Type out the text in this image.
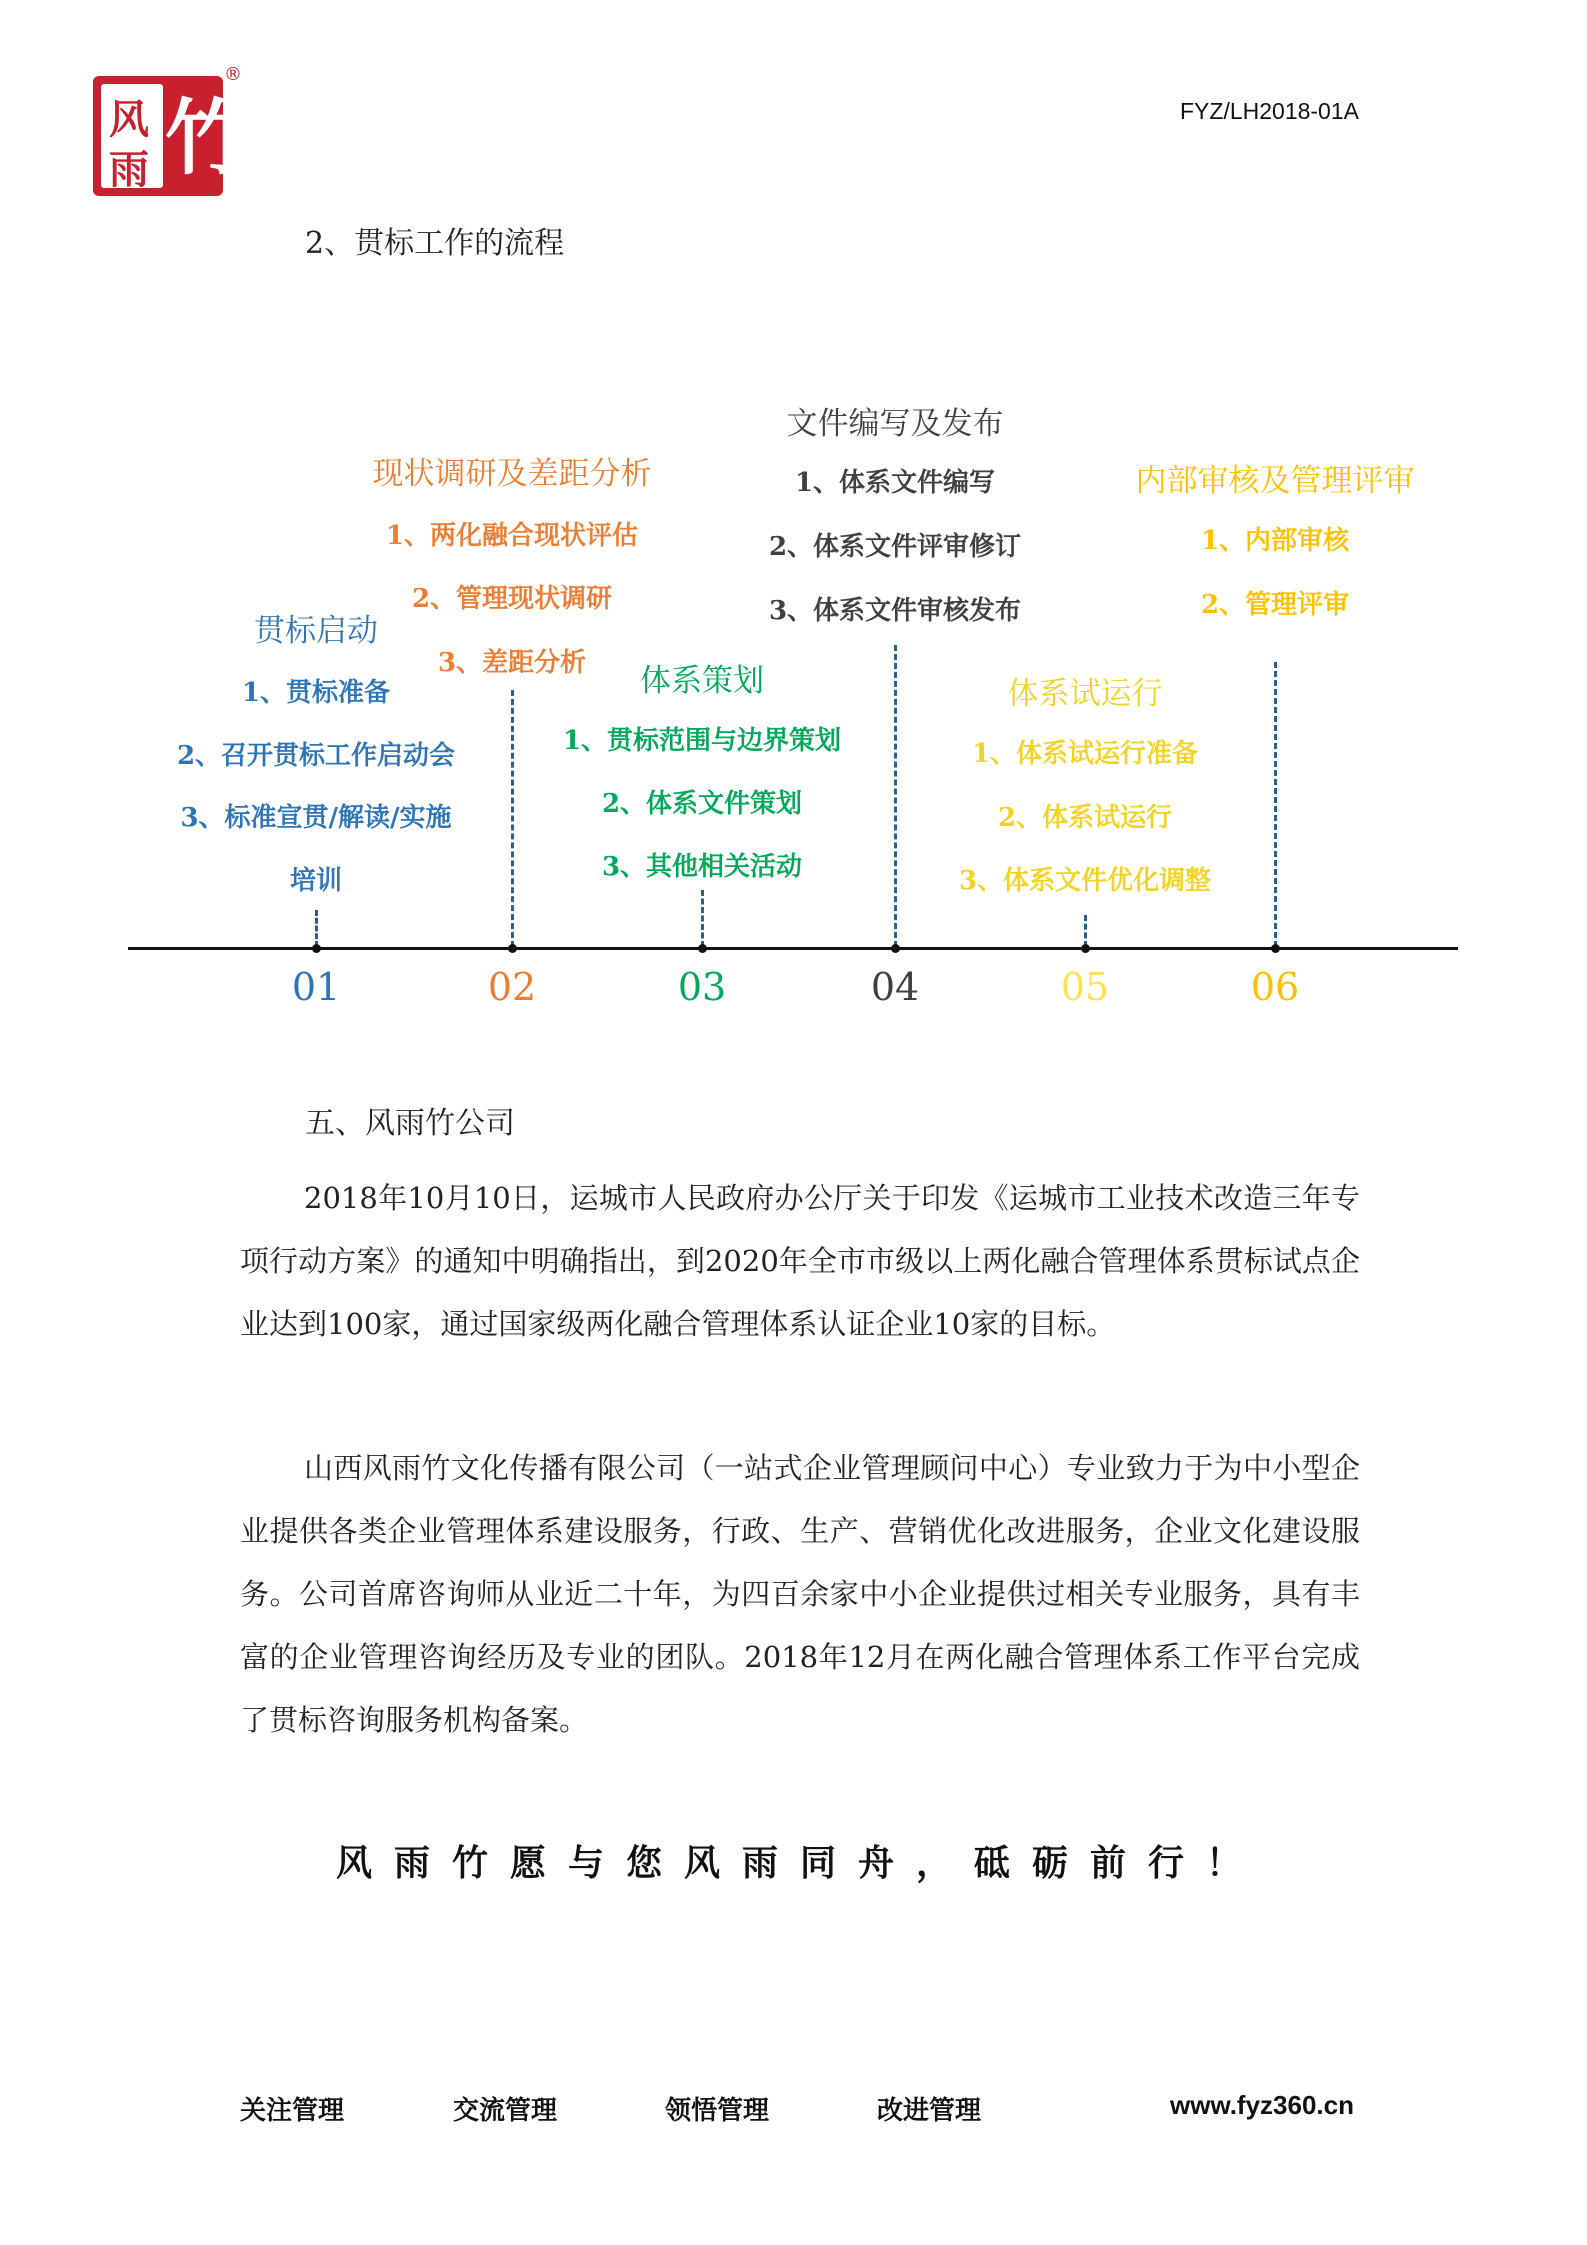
风
雨 竹
®
FYZ/LH2018-01A
2、贯标工作的流程
贯标启动
1、贯标准备
2、召开贯标工作启动会
3、标准宣贯/解读/实施
培训
01
现状调研及差距分析
1、两化融合现状评估
2、管理现状调研
3、差距分析
02
体系策划
1、贯标范围与边界策划
2、体系文件策划
3、其他相关活动
03
文件编写及发布
1、体系文件编写
2、体系文件评审修订
3、体系文件审核发布
04
体系试运行
1、体系试运行准备
2、体系试运行
3、体系文件优化调整
05
内部审核及管理评审
1、内部审核
2、管理评审
06
五、风雨竹公司
2018年10月10日，运城市人民政府办公厅关于印发《运城市工业技术改造三年专项行动方案》的通知中明确指出，到2020年全市市级以上两化融合管理体系贯标试点企业达到100家，通过国家级两化融合管理体系认证企业10家的目标。
山西风雨竹文化传播有限公司（一站式企业管理顾问中心）专业致力于为中小型企业提供各类企业管理体系建设服务，行政、生产、营销优化改进服务，企业文化建设服务。公司首席咨询师从业近二十年，为四百余家中小企业提供过相关专业服务，具有丰富的企业管理咨询经历及专业的团队。2018年12月在两化融合管理体系工作平台完成了贯标咨询服务机构备案。
风雨竹愿与您风雨同舟，砥砺前行！
关注管理	交流管理	领悟管理	改进管理	www.fyz360.cn
